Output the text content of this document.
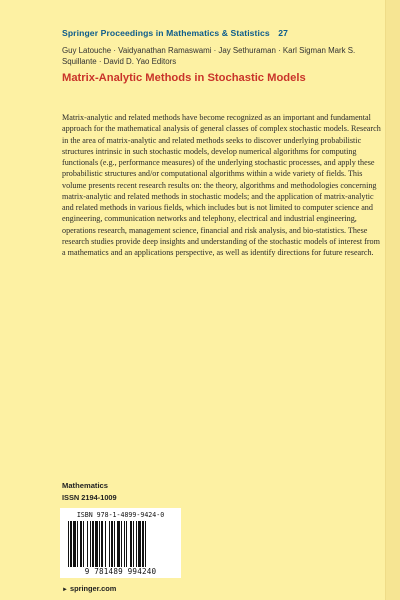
Springer Proceedings in Mathematics & Statistics 27
Guy Latouche · Vaidyanathan Ramaswami · Jay Sethuraman · Karl Sigman Mark S. Squillante · David D. Yao Editors
Matrix-Analytic Methods in Stochastic Models
Matrix-analytic and related methods have become recognized as an important and fundamental approach for the mathematical analysis of general classes of complex stochastic models. Research in the area of matrix-analytic and related methods seeks to discover underlying probabilistic structures intrinsic in such stochastic models, develop numerical algorithms for computing functionals (e.g., performance measures) of the underlying stochastic processes, and apply these probabilistic structures and/or computational algorithms within a wide variety of fields. This volume presents recent research results on: the theory, algorithms and methodologies concerning matrix-analytic and related methods in stochastic models; and the application of matrix-analytic and related methods in various fields, which includes but is not limited to computer science and engineering, communication networks and telephony, electrical and industrial engineering, operations research, management science, financial and risk analysis, and bio-statistics. These research studies provide deep insights and understanding of the stochastic models of interest from a mathematics and an applications perspective, as well as identify directions for future research.
Mathematics
ISSN 2194-1009
ISBN 978-1-4899-9424-0
9 781489 994240
► springer.com
